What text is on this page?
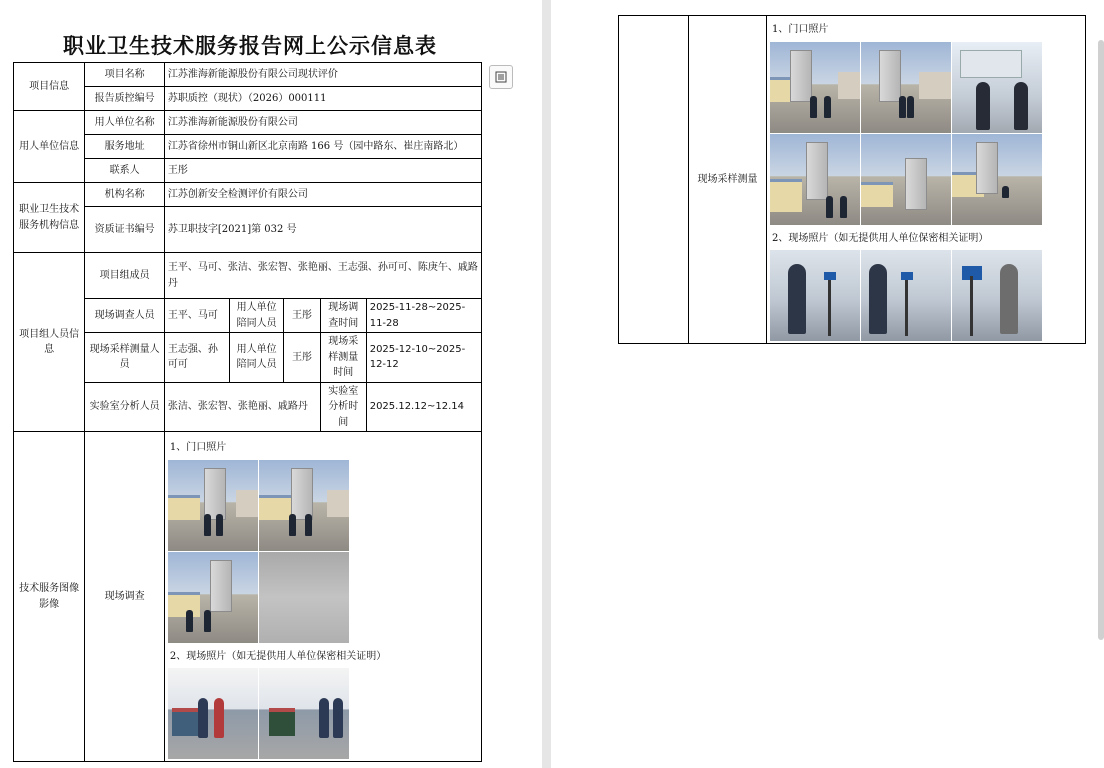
职业卫生技术服务报告网上公示信息表
项目信息	项目名称	江苏淮海新能源股份有限公司现状评价				
	报告质控编号	苏职质控（现状）（2026）000111				
用人单位信息	用人单位名称	江苏淮海新能源股份有限公司				
	服务地址	江苏省徐州市铜山新区北京南路 166 号（园中路东、崔庄南路北）				
	联系人	王彤				
职业卫生技术服务机构信息	机构名称	江苏创新安全检测评价有限公司				
	资质证书编号	苏卫职技字[2021]第 032 号				
项目组人员信息	项目组成员	王平、马可、张洁、张宏智、张艳丽、王志强、孙可可、陈庚午、戚路丹				
	现场调查人员	王平、马可	用人单位陪同人员	王彤	现场调查时间	2025-11-28~2025-11-28
	现场采样测量人员	王志强、孙可可	用人单位陪同人员	王彤	现场采样测量时间	2025-12-10~2025-12-12
	实验室分析人员	张洁、张宏智、张艳丽、戚路丹			实验室分析时间	2025.12.12~12.14
技术服务图像影像	现场调查	1、门口照片
2、现场照片（如无提供用人单位保密相关证明）				
	现场采样测量	
1、门口照片
2、现场照片（如无提供用人单位保密相关证明）
